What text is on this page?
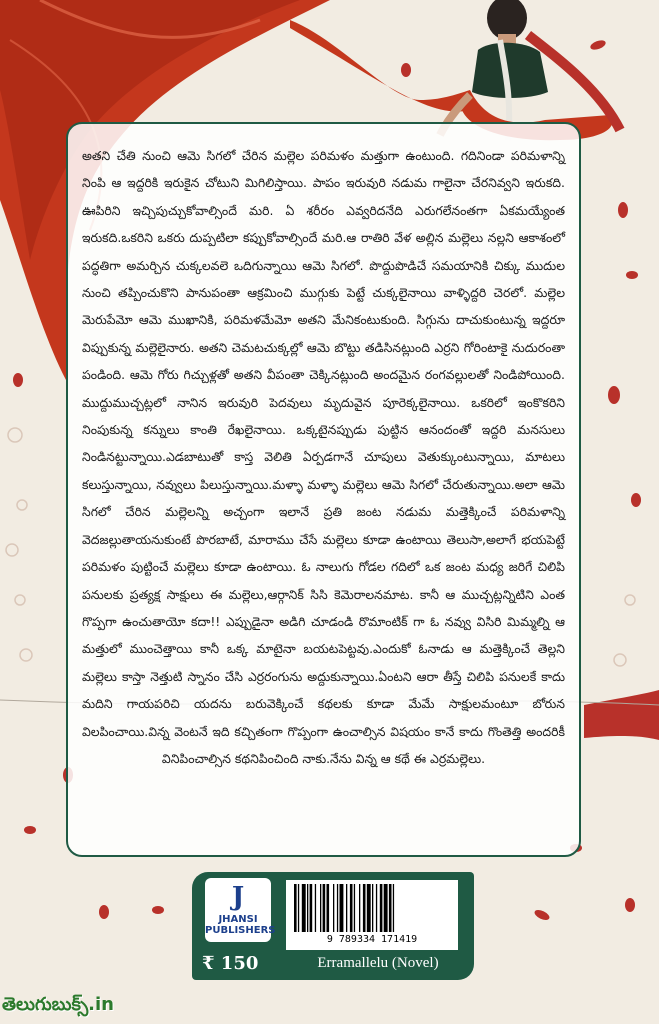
అతని చేతి నుంచి ఆమె సిగలో చేరిన మల్లెల పరిమళం మత్తుగా ఉంటుంది. గదినిండా పరిమళాన్ని నింపి ఆ ఇద్దరికి ఇరుకైన చోటుని మిగిలిస్తాయి. పాపం ఇరువురి నడుమ గాలైనా చేరనివ్వని ఇరుకది. ఊపిరిని ఇచ్చిపుచ్చుకోవాల్సిందే మరి. ఏ శరీరం ఎవ్వరిదనేది ఎరుగలేనంతగా ఏకమయ్యేంత ఇరుకది.ఒకరిని ఒకరు దుప్పటిలా కప్పుకోవాల్సిందే మరి.ఆ రాతిరి వేళ అల్లిన మల్లెలు నల్లని ఆకాశంలో పద్ధతిగా అమర్చిన చుక్కలవలె ఒదిగున్నాయి ఆమె సిగలో. పొద్దుపొడిచే సమయానికి చిక్కు ముదుల నుంచి తప్పించుకొని పానుపంతా ఆక్రమించి ముగ్గుకు పెట్టే చుక్కలైనాయి వాళ్ళిద్దరి చెరలో. మల్లెల మెరుపేమో ఆమె ముఖానికి, పరిమళమేమో అతని మేనికంటుకుంది. సిగ్గును దాచుకుంటున్న ఇద్దరూ విప్పుకున్న మల్లెలైనారు. అతని చెమటచుక్కల్లో ఆమె బొట్టు తడిసినట్లుంది ఎర్రని గోరింటాకై నుదురంతా పండింది. ఆమె గోరు గిచ్చుళ్లతో అతని వీపంతా చెక్కినట్లుంది అందమైన రంగవల్లులతో నిండిపోయింది. ముద్దుముచ్చట్లలో నానిన ఇరువురి పెదవులు మృదువైన పూరెక్కలైనాయి. ఒకరిలో ఇంకొకరిని నింపుకున్న కన్నులు కాంతి రేఖలైనాయి. ఒక్కటైనప్పుడు పుట్టిన ఆనందంతో ఇద్దరి మనసులు నిండినట్టున్నాయి.ఎడబాటుతో కాస్త వెలితి ఏర్పడగానే చూపులు వెతుక్కుంటున్నాయి, మాటలు కలుస్తున్నాయి, నవ్వులు పిలుస్తున్నాయి.మళ్ళా మళ్ళా మల్లెలు ఆమె సిగలో చేరుతున్నాయి.అలా ఆమె సిగలో చేరిన మల్లెలన్ని అచ్చంగా ఇలానే ప్రతి జంట నడుమ మత్తెక్కించే పరిమళాన్ని వెదజల్లుతాయనుకుంటే పొరబాటే, మారాము చేసే మల్లెలు కూడా ఉంటాయి తెలుసా,అలాగే భయపెట్టే పరిమళం పుట్టించే మల్లెలు కూడా ఉంటాయి. ఓ నాలుగు గోడల గదిలో ఒక జంట మధ్య జరిగే చిలిపి పనులకు ప్రత్యక్ష సాక్షులు ఈ మల్లెలు,ఆర్గానిక్ సిసి కెమెరాలనమాట. కానీ ఆ ముచ్చట్లన్నిటిని ఎంత గొప్పగా ఉంచుతాయో కదా!! ఎప్పుడైనా అడిగి చూడండి రొమాంటిక్ గా ఓ నవ్వు విసిరి మిమ్మల్ని ఆ మత్తులో ముంచెత్తాయి కానీ ఒక్క మాటైనా బయటపెట్టవు.ఎందుకో ఓనాడు ఆ మత్తెక్కించే తెల్లని మల్లెలు కాస్తా నెత్తుటి స్నానం చేసి ఎర్రరంగును అద్దుకున్నాయి.ఏంటని ఆరా తీస్తే చిలిపి పనులకే కాదు మదిని గాయపరిచి యదను బరువెక్కించే కథలకు కూడా మేమే సాక్షులమంటూ బోరున విలపించాయి.విన్న వెంటనే ఇది కచ్చితంగా గొప్పంగా ఉంచాల్సిన విషయం కానే కాదు గొంతెత్తి అందరికీ వినిపించాల్సిన కథనిపించింది నాకు.నేను విన్న ఆ కథే ఈ ఎర్రమల్లెలు.

J
JHANSI
PUBLISHERS
9 789334 171419
₹ 150	Erramallelu (Novel)
తెలుగుబుక్స్.in
